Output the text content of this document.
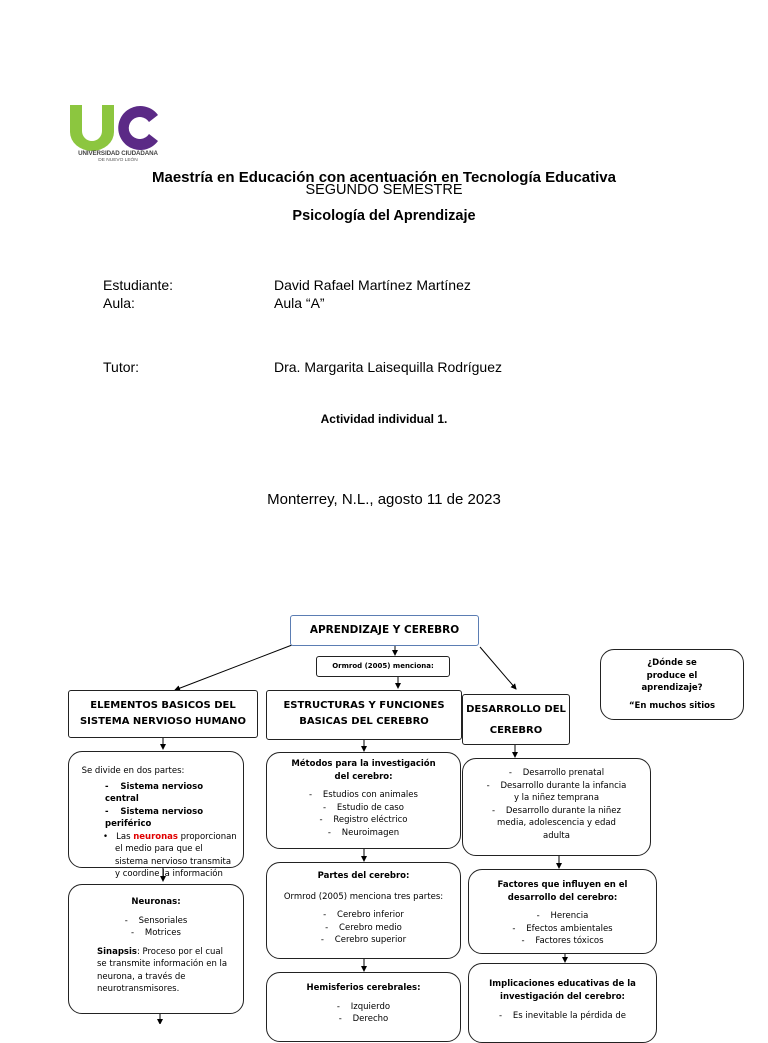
UNIVERSIDAD CIUDADANA
DE NUEVO LEÓN
Maestría en Educación con acentuación en Tecnología Educativa
SEGUNDO SEMESTRE
Psicología del Aprendizaje
Estudiante:	David Rafael Martínez Martínez
Aula:	Aula “A”
Tutor:	Dra. Margarita Laisequilla Rodríguez
Actividad individual 1.
Monterrey, N.L., agosto 11 de 2023
APRENDIZAJE Y CEREBRO
Ormrod (2005) menciona:	¿Dónde se produce el aprendizaje?
“En muchos sitios
ELEMENTOS BASICOS DEL SISTEMA NERVIOSO HUMANO

Se divide en dos partes:

-    Sistema nervioso central

-    Sistema nervioso periférico

•   Las neuronas proporcionan el medio para que el sistema nervioso transmita y coordine la información

Neuronas:

- Sensoriales
- Motrices

Sinapsis: Proceso por el cual se transmite información en la neurona, a través de neurotransmisores.

ESTRUCTURAS Y FUNCIONES BASICAS DEL CEREBRO

Métodos para la investigación del cerebro:

- Estudios con animales
- Estudio de caso
- Registro eléctrico
- Neuroimagen

Partes del cerebro:

Ormrod (2005) menciona tres partes:

- Cerebro inferior
- Cerebro medio
- Cerebro superior

Hemisferios cerebrales:

- Izquierdo
- Derecho
DESARROLLO DEL
CEREBRO
- Desarrollo prenatal
- Desarrollo durante la infancia y la niñez temprana
- Desarrollo durante la niñez media, adolescencia y edad adulta

Factores que influyen en el desarrollo del cerebro:

- Herencia
- Efectos ambientales
- Factores tóxicos

Implicaciones educativas de la investigación del cerebro:

- Es inevitable la pérdida de
